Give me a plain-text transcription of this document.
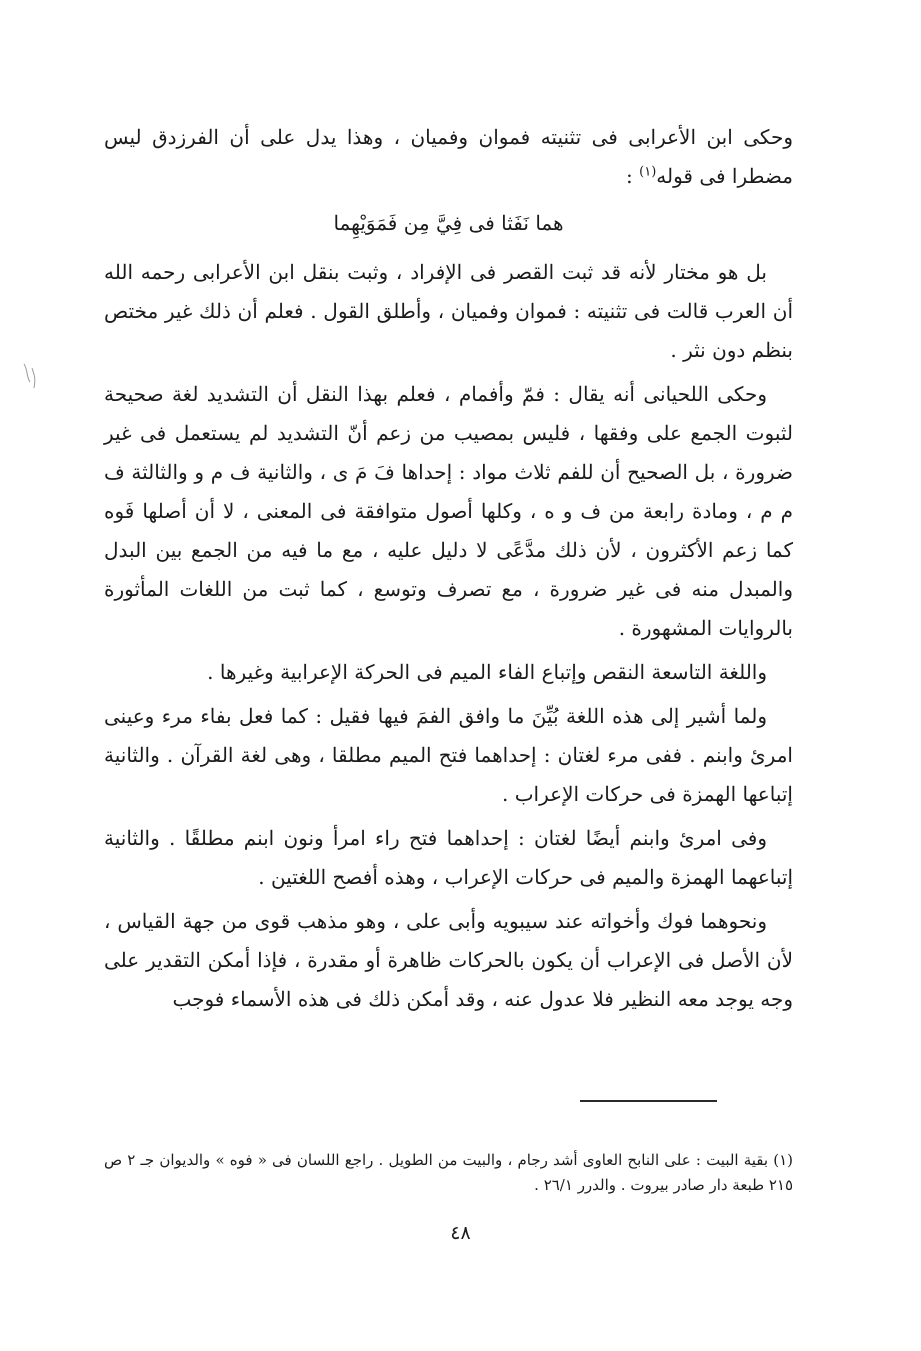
وحكى ابن الأعرابى فى تثنيته فموان وفميان ، وهذا يدل على أن الفرزدق ليس مضطرا فى قوله$^{(١)}$ :

هما نَفَثا فى فِيَّ مِن فَمَوَيْهِما

بل هو مختار لأنه قد ثبت القصر فى الإفراد ، وثبت بنقل ابن الأعرابى رحمه الله أن العرب قالت فى تثنيته : فموان وفميان ، وأطلق القول . فعلم أن ذلك غير مختص بنظم دون نثر .

وحكى اللحيانى أنه يقال : فمّ وأفمام ، فعلم بهذا النقل أن التشديد لغة صحيحة لثبوت الجمع على وفقها ، فليس بمصيب من زعم أنّ التشديد لم يستعمل فى غير ضرورة ، بل الصحيح أن للفم ثلاث مواد : إحداها فَ مَ ى ، والثانية ف م و والثالثة ف م م ، ومادة رابعة من ف و ه ، وكلها أصول متوافقة فى المعنى ، لا أن أصلها فَوه كما زعم الأكثرون ، لأن ذلك مدَّعًى لا دليل عليه ، مع ما فيه من الجمع بين البدل والمبدل منه فى غير ضرورة ، مع تصرف وتوسع ، كما ثبت من اللغات المأثورة بالروايات المشهورة .

واللغة التاسعة النقص وإتباع الفاء الميم فى الحركة الإعرابية وغيرها .

ولما أشير إلى هذه اللغة بُيِّنَ ما وافق الفمَ فيها فقيل : كما فعل بفاء مرء وعينى امرئ وابنم . ففى مرء لغتان : إحداهما فتح الميم مطلقا ، وهى لغة القرآن . والثانية إتباعها الهمزة فى حركات الإعراب .

وفى امرئ وابنم أيضًا لغتان : إحداهما فتح راء امرأ ونون ابنم مطلقًا . والثانية إتباعهما الهمزة والميم فى حركات الإعراب ، وهذه أفصح اللغتين .

ونحوهما فوك وأخواته عند سيبويه وأبى على ، وهو مذهب قوى من جهة القياس ، لأن الأصل فى الإعراب أن يكون بالحركات ظاهرة أو مقدرة ، فإذا أمكن التقدير على وجه يوجد معه النظير فلا عدول عنه ، وقد أمكن ذلك فى هذه الأسماء فوجب

(١) بقية البيت : على النابح العاوى أشد رجام ، والبيت من الطويل . راجع اللسان فى « فوه » والديوان جـ ٢ ص ٢١٥ طبعة دار صادر بيروت . والدرر ٢٦/١ .

٤٨
